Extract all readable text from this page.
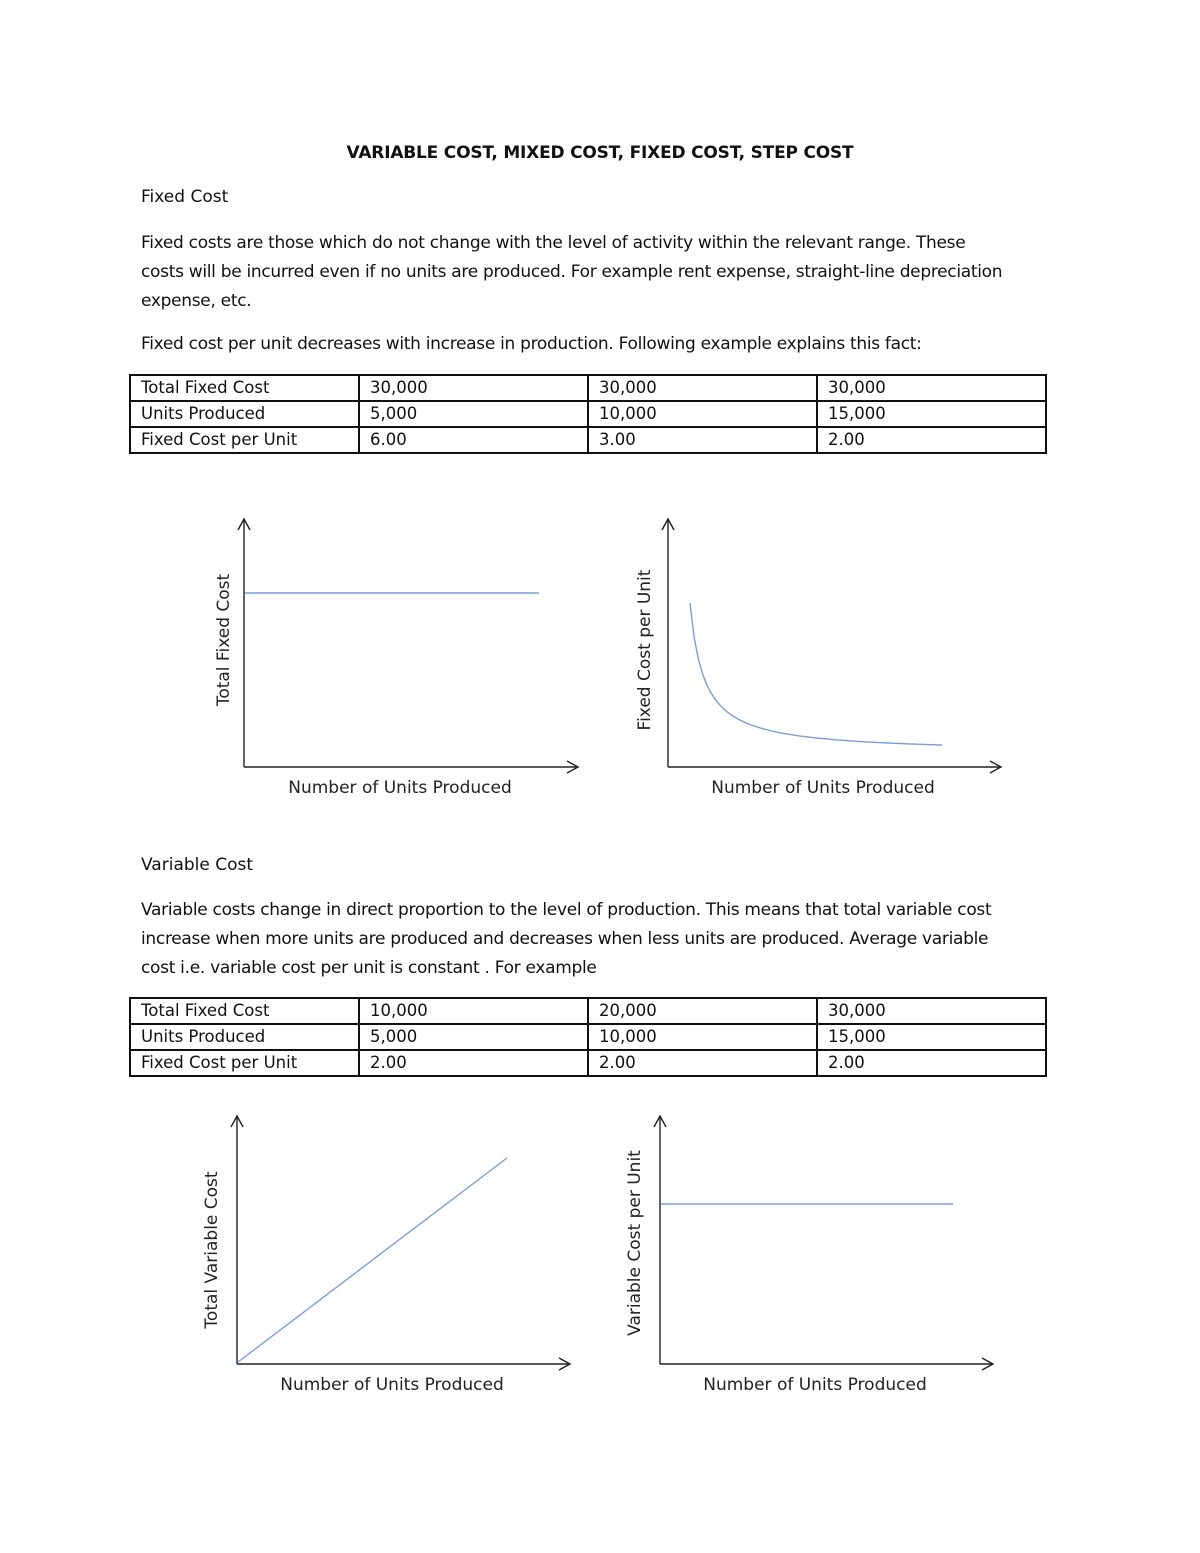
VARIABLE COST, MIXED COST, FIXED COST, STEP COST
Fixed Cost
Fixed costs are those which do not change with the level of activity within the relevant range. These
costs will be incurred even if no units are produced. For example rent expense, straight-line depreciation
expense, etc.
Fixed cost per unit decreases with increase in production. Following example explains this fact:
Total Fixed Cost	30,000	30,000	30,000
Units Produced	5,000	10,000	15,000
Fixed Cost per Unit	6.00	3.00	2.00
Number of Units Produced
Total Fixed Cost
Number of Units Produced
Fixed Cost per Unit
Number of Units Produced
Total Variable Cost
Number of Units Produced
Variable Cost per Unit
Variable Cost
Variable costs change in direct proportion to the level of production. This means that total variable cost
increase when more units are produced and decreases when less units are produced. Average variable
cost i.e. variable cost per unit is constant . For example
Total Fixed Cost	10,000	20,000	30,000
Units Produced	5,000	10,000	15,000
Fixed Cost per Unit	2.00	2.00	2.00
